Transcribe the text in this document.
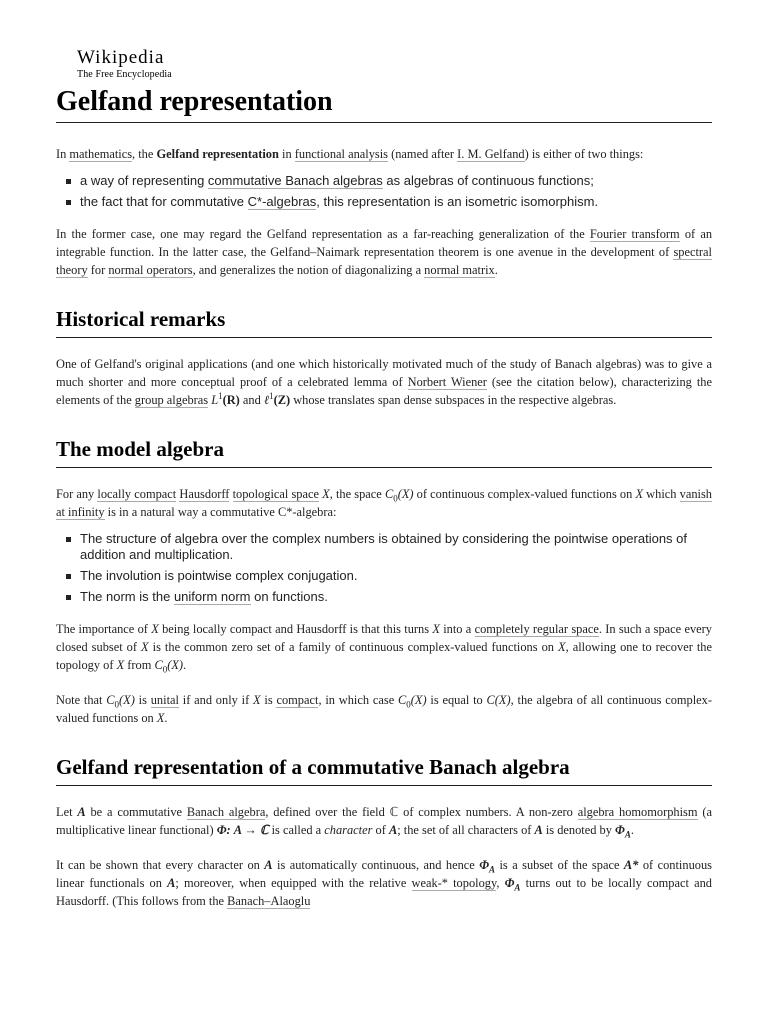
Wikipedia
The Free Encyclopedia
Gelfand representation

In mathematics, the Gelfand representation in functional analysis (named after I. M. Gelfand) is either of two things:

a way of representing commutative Banach algebras as algebras of continuous functions;
the fact that for commutative C*-algebras, this representation is an isometric isomorphism.

In the former case, one may regard the Gelfand representation as a far-reaching generalization of the Fourier transform of an integrable function. In the latter case, the Gelfand–Naimark representation theorem is one avenue in the development of spectral theory for normal operators, and generalizes the notion of diagonalizing a normal matrix.

Historical remarks

One of Gelfand's original applications (and one which historically motivated much of the study of Banach algebras) was to give a much shorter and more conceptual proof of a celebrated lemma of Norbert Wiener (see the citation below), characterizing the elements of the group algebras $L^1(R)$ and ℓ$^1$(Z) whose translates span dense subspaces in the respective algebras.

The model algebra

For any locally compact Hausdorff topological space X, the space $C_0(X)$ of continuous complex-valued functions on X which vanish at infinity is in a natural way a commutative C*-algebra:

The structure of algebra over the complex numbers is obtained by considering the pointwise operations of addition and multiplication.
The involution is pointwise complex conjugation.
The norm is the uniform norm on functions.

The importance of X being locally compact and Hausdorff is that this turns X into a completely regular space. In such a space every closed subset of X is the common zero set of a family of continuous complex-valued functions on X, allowing one to recover the topology of X from $C_0(X)$.

Note that $C_0(X)$ is unital if and only if X is compact, in which case $C_0(X)$ is equal to C(X), the algebra of all continuous complex-valued functions on X.

Gelfand representation of a commutative Banach algebra

Let A be a commutative Banach algebra, defined over the field ℂ of complex numbers. A non-zero algebra homomorphism (a multiplicative linear functional) Φ: A → ℂ is called a character of A; the set of all characters of A is denoted by $\Phi_A$.

It can be shown that every character on A is automatically continuous, and hence $\Phi_A$ is a subset of the space A* of continuous linear functionals on A; moreover, when equipped with the relative weak-* topology, $\Phi_A$ turns out to be locally compact and Hausdorff. (This follows from the Banach–Alaoglu
